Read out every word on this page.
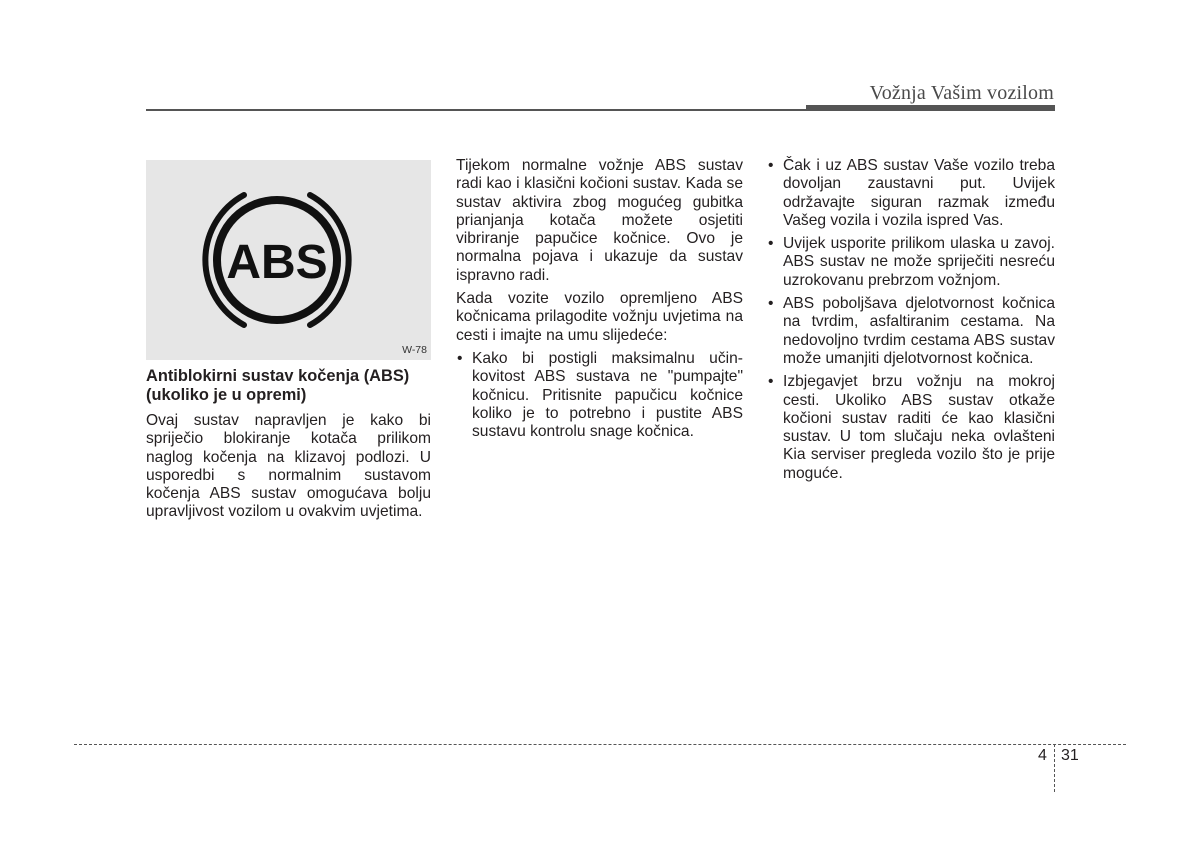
Vožnja Vašim vozilom
ABS
W-78
Antiblokirni sustav kočenja (ABS) (ukoliko je u opremi)

Ovaj sustav napravljen je kako bi spriječio blokiranje kotača prilikom naglog kočenja na klizavoj podlozi. U usporedbi s normalnim sustavom kočenja ABS sustav omogućava bolju upravljivost vozilom u ovakvim uvjetima.

Tijekom normalne vožnje ABS sustav radi kao i klasični kočioni sustav. Kada se sustav aktivira zbog mogućeg gubitka prianjanja kotača možete osjetiti vibriranje papučice kočnice. Ovo je normalna pojava i ukazuje da sustav ispravno radi.

Kada vozite vozilo opremljeno ABS kočnicama prilagodite vožnju uvjetima na cesti i imajte na umu slijedeće:

• Kako bi postigli maksimalnu učinkovitost ABS sustava ne "pumpajte" kočnicu. Pritisnite papučicu kočnice koliko je to potrebno i pustite ABS sustavu kontrolu snage kočnica.
• Čak i uz ABS sustav Vaše vozilo treba dovoljan zaustavni put. Uvijek održavajte siguran razmak između Vašeg vozila i vozila ispred Vas.
• Uvijek usporite prilikom ulaska u zavoj. ABS sustav ne može spriječiti nesreću uzrokovanu prebrzom vožnjom.
• ABS poboljšava djelotvornost kočnica na tvrdim, asfaltiranim cestama. Na nedovoljno tvrdim cestama ABS sustav može umanjiti djelotvornost kočnica.
• Izbjegavjet brzu vožnju na mokroj cesti. Ukoliko ABS sustav otkaže kočioni sustav raditi će kao klasični sustav. U tom slučaju neka ovlašteni Kia serviser pregleda vozilo što je prije moguće.
4 31
